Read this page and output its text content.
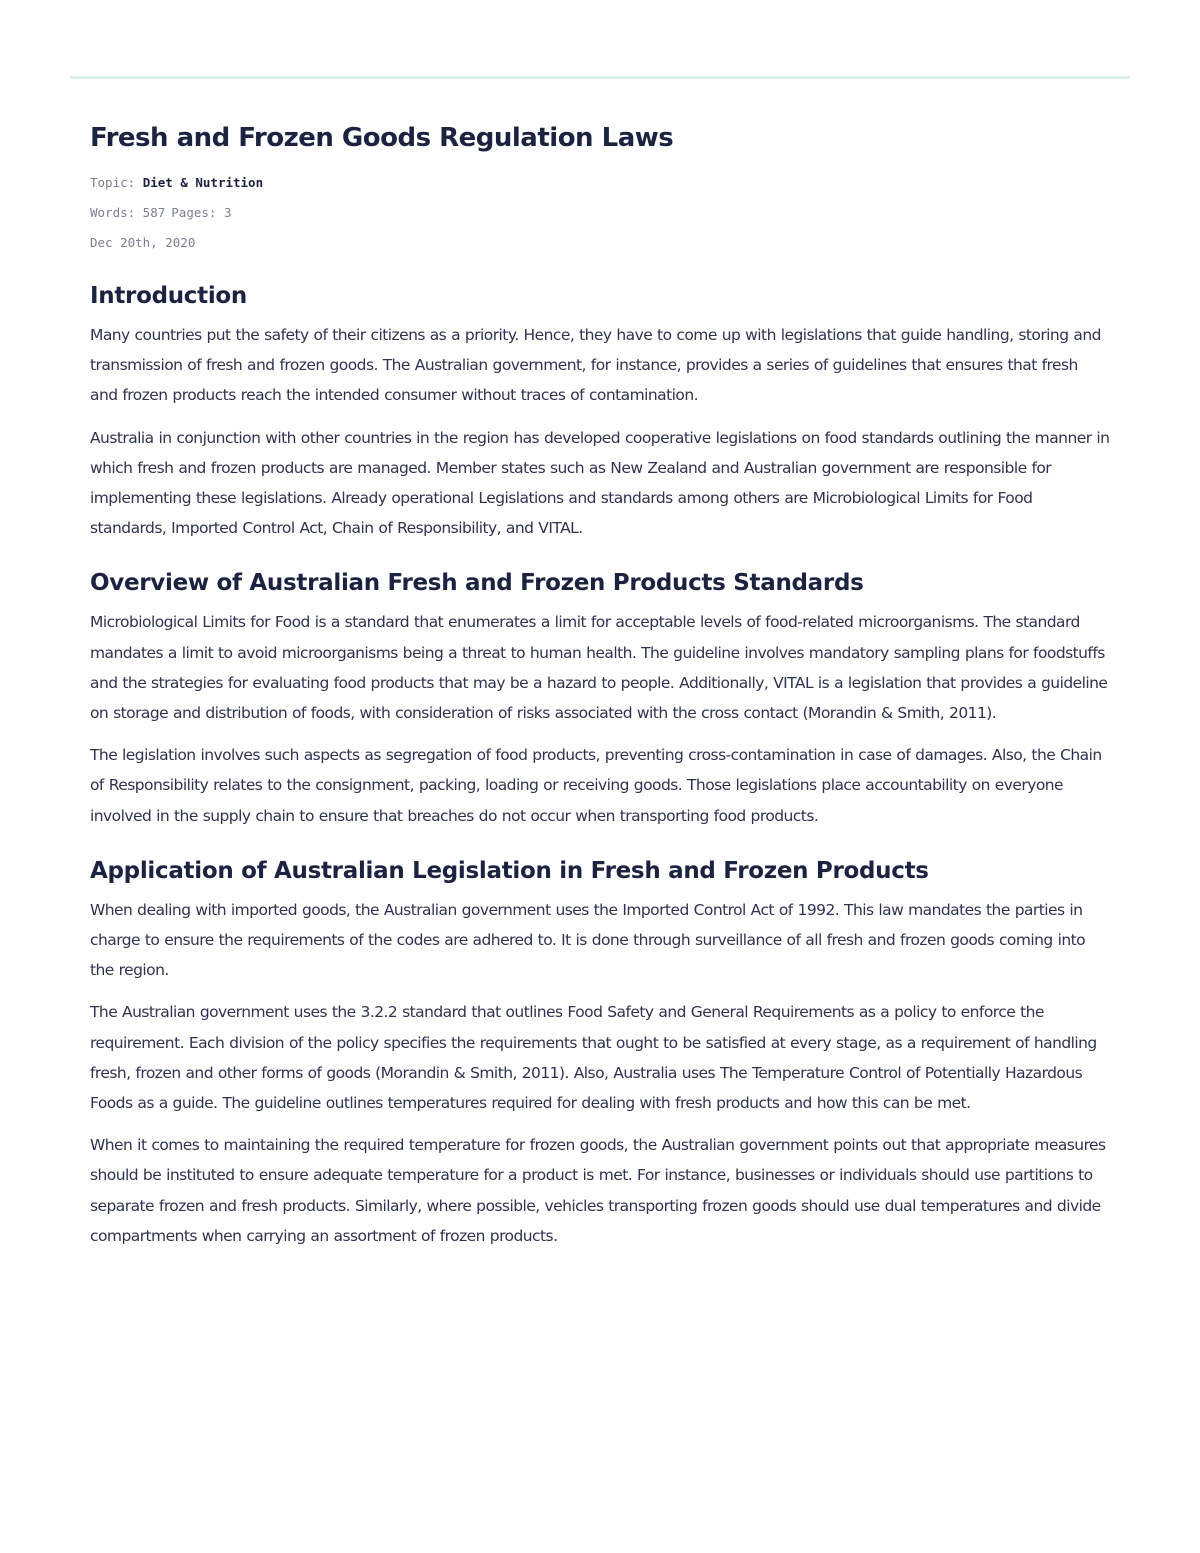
Fresh and Frozen Goods Regulation Laws

Topic: Diet & Nutrition

Words: 587 Pages: 3

Dec 20th, 2020

Introduction

Many countries put the safety of their citizens as a priority. Hence, they have to come up with legislations that guide handling, storing and transmission of fresh and frozen goods. The Australian government, for instance, provides a series of guidelines that ensures that fresh and frozen products reach the intended consumer without traces of contamination.

Australia in conjunction with other countries in the region has developed cooperative legislations on food standards outlining the manner in which fresh and frozen products are managed. Member states such as New Zealand and Australian government are responsible for implementing these legislations. Already operational Legislations and standards among others are Microbiological Limits for Food standards, Imported Control Act, Chain of Responsibility, and VITAL.

Overview of Australian Fresh and Frozen Products Standards

Microbiological Limits for Food is a standard that enumerates a limit for acceptable levels of food-related microorganisms. The standard mandates a limit to avoid microorganisms being a threat to human health. The guideline involves mandatory sampling plans for foodstuffs and the strategies for evaluating food products that may be a hazard to people. Additionally, VITAL is a legislation that provides a guideline on storage and distribution of foods, with consideration of risks associated with the cross contact (Morandin & Smith, 2011).

The legislation involves such aspects as segregation of food products, preventing cross-contamination in case of damages. Also, the Chain of Responsibility relates to the consignment, packing, loading or receiving goods. Those legislations place accountability on everyone involved in the supply chain to ensure that breaches do not occur when transporting food products.

Application of Australian Legislation in Fresh and Frozen Products

When dealing with imported goods, the Australian government uses the Imported Control Act of 1992. This law mandates the parties in charge to ensure the requirements of the codes are adhered to. It is done through surveillance of all fresh and frozen goods coming into the region.

The Australian government uses the 3.2.2 standard that outlines Food Safety and General Requirements as a policy to enforce the requirement. Each division of the policy specifies the requirements that ought to be satisfied at every stage, as a requirement of handling fresh, frozen and other forms of goods (Morandin & Smith, 2011). Also, Australia uses The Temperature Control of Potentially Hazardous Foods as a guide. The guideline outlines temperatures required for dealing with fresh products and how this can be met.

When it comes to maintaining the required temperature for frozen goods, the Australian government points out that appropriate measures should be instituted to ensure adequate temperature for a product is met. For instance, businesses or individuals should use partitions to separate frozen and fresh products. Similarly, where possible, vehicles transporting frozen goods should use dual temperatures and divide compartments when carrying an assortment of frozen products.
